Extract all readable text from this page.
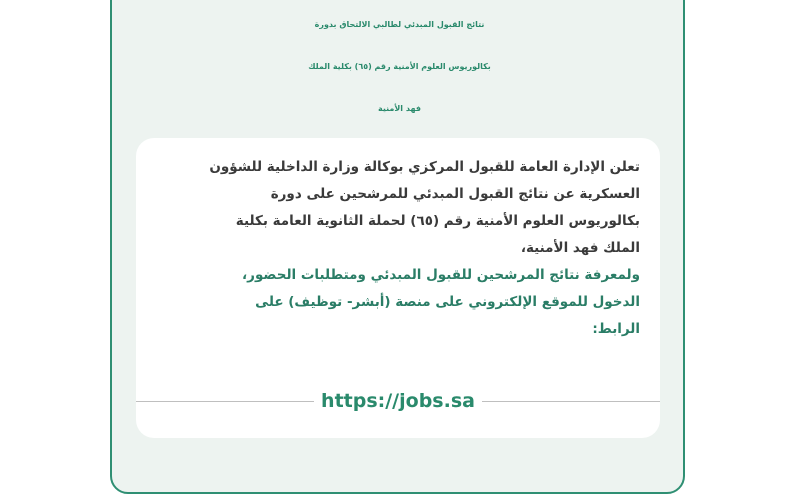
نتائج القبول المبدئي لطالبي الالتحاق بدورة
بكالوريوس العلوم الأمنية رقم (٦٥) بكلية الملك
فهد الأمنية

تعلن الإدارة العامة للقبول المركزي بوكالة وزارة الداخلية للشؤون
العسكرية عن نتائج القبول المبدئي للمرشحين على دورة
بكالوريوس العلوم الأمنية رقم (٦٥) لحملة الثانوية العامة بكلية
الملك فهد الأمنية،
ولمعرفة نتائج المرشحين للقبول المبدئي ومتطلبات الحضور،
الدخول للموقع الإلكتروني على منصة (أبشر- توظيف) على
الرابط:

https://jobs.sa
